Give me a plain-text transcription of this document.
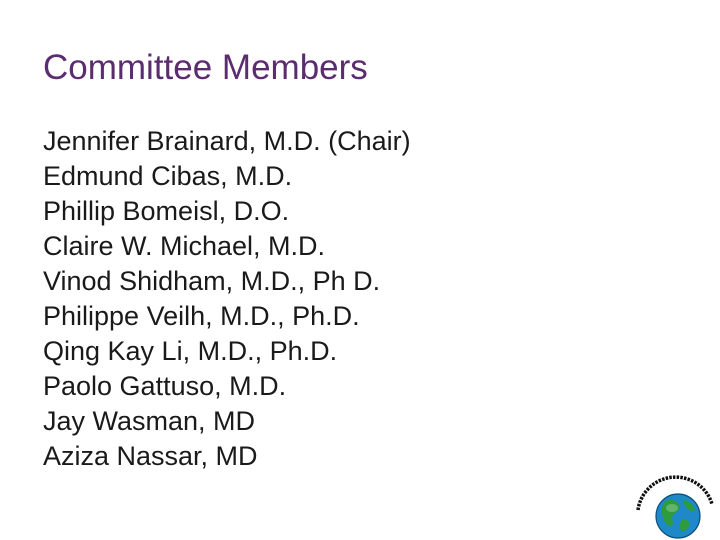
Committee Members
Jennifer Brainard, M.D. (Chair)
Edmund Cibas, M.D.
Phillip Bomeisl, D.O.
Claire W. Michael, M.D.
Vinod Shidham, M.D., Ph D.
Philippe Veilh, M.D., Ph.D.
Qing Kay Li, M.D., Ph.D.
Paolo Gattuso, M.D.
Jay Wasman, MD
Aziza Nassar, MD
